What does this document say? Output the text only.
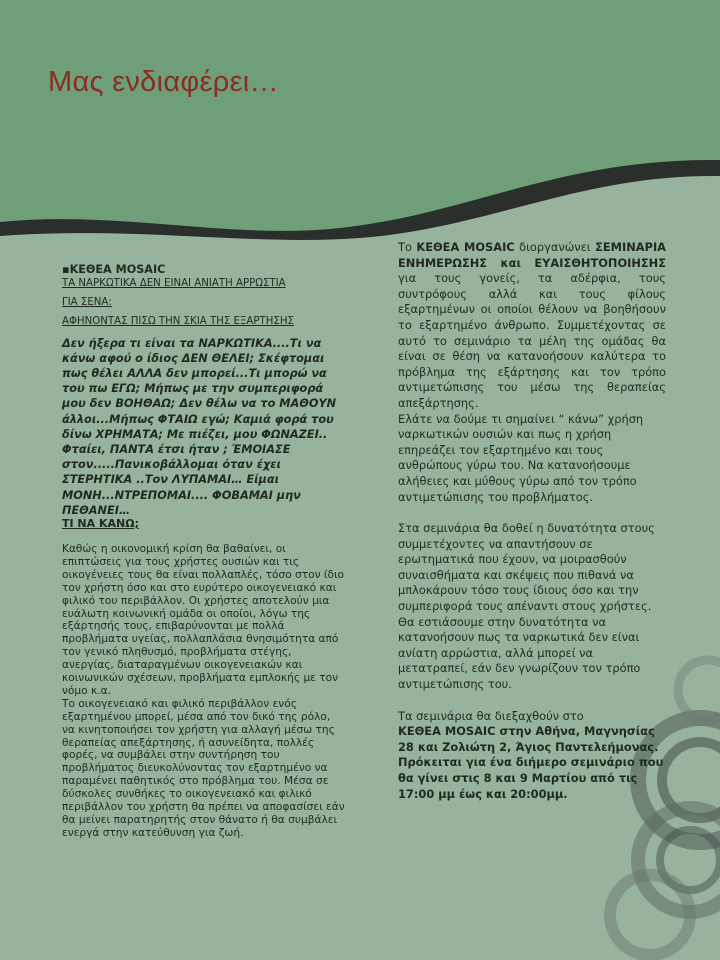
Μας ενδιαφέρει…
▪ΚΕΘΕΑ MOSAIC
ΤΑ ΝΑΡΚΩΤΙΚΑ ΔΕΝ ΕΙΝΑΙ ΑΝΙΑΤΗ ΑΡΡΩΣΤΙΑ
ΓΙΑ ΣΕΝΑ:
ΑΦΗΝΟΝΤΑΣ ΠΙΣΩ ΤΗΝ ΣΚΙΑ ΤΗΣ ΕΞΑΡΤΗΣΗΣ
Δεν ήξερα τι είναι τα ΝΑΡΚΩΤΙΚΑ....Τι να κάνω αφού ο ίδιος ΔΕΝ ΘΕΛΕΙ; Σκέφτομαι πως θέλει ΑΛΛΑ δεν μπορεί...Τι μπορώ να του πω ΕΓΩ; Μήπως με την συμπεριφορά μου δεν ΒΟΗΘΑΩ; Δεν θέλω να το ΜΑΘΟΥΝ άλλοι...Μήπως ΦΤΑΙΩ εγώ; Καμιά φορά του δίνω ΧΡΗΜΑΤΑ; Με πιέζει, μου ΦΩΝΑΖΕΙ.. Φταίει, ΠΑΝΤΑ έτσι ήταν ; ΈΜΟΙΑΣΕ στον.....Πανικοβάλλομαι όταν έχει ΣΤΕΡΗΤΙΚΑ ..Τον ΛΥΠΑΜΑΙ… Είμαι ΜΟΝΗ...ΝΤΡΕΠΟΜΑΙ.... ΦΟΒΑΜΑΙ μην ΠΕΘΑΝΕΙ…
ΤΙ ΝΑ ΚΑΝΩ;
Καθώς η οικονομική κρίση θα βαθαίνει, οι επιπτώσεις για τους χρήστες ουσιών και τις οικογένειες τους θα είναι πολλαπλές, τόσο στον ίδιο τον χρήστη όσο και στο ευρύτερο οικογενειακό και φιλικό του περιβάλλον. Οι χρήστες αποτελούν μια ευάλωτη κοινωνική ομάδα οι οποίοι, λόγω της εξάρτησής τους, επιβαρύνονται με πολλά προβλήματα υγείας, πολλαπλάσια θνησιμότητα από τον γενικό πληθυσμό, προβλήματα στέγης, ανεργίας, διαταραγμένων οικογενειακών και κοινωνικών σχέσεων, προβλήματα εμπλοκής με τον νόμο κ.α.
Το οικογενειακό και φιλικό περιβάλλον ενός εξαρτημένου μπορεί, μέσα από τον δικό της ρόλο, να κινητοποιήσει τον χρήστη για αλλαγή μέσω της θεραπείας απεξάρτησης, ή ασυνείδητα, πολλές φορές, να συμβάλει στην συντήρηση του προβλήματος διευκολύνοντας τον εξαρτημένο να παραμένει παθητικός στο πρόβλημα του. Μέσα σε δύσκολες συνθήκες το οικογενειακό και φιλικό περιβάλλον του χρήστη θα πρέπει να αποφασίσει εάν θα μείνει παρατηρητής στον θάνατο ή θα συμβάλει ενεργά στην κατεύθυνση για ζωή.

Το ΚΕΘΕΑ MOSAIC διοργανώνει ΣΕΜΙΝΑΡΙΑ ΕΝΗΜΕΡΩΣΗΣ και ΕΥΑΙΣΘΗΤΟΠΟΙΗΣΗΣ για τους γονείς, τα αδέρφια, τους συντρόφους αλλά και τους φίλους εξαρτημένων οι οποίοι θέλουν να βοηθήσουν το εξαρτημένο άνθρωπο. Συμμετέχοντας σε αυτό το σεμινάριο τα μέλη της ομάδας θα είναι σε θέση να κατανοήσουν καλύτερα το πρόβλημα της εξάρτησης και τον τρόπο αντιμετώπισης του μέσω της θεραπείας απεξάρτησης.

Ελάτε να δούμε τι σημαίνει “ κάνω” χρήση ναρκωτικών ουσιών και πως η χρήση επηρεάζει τον εξαρτημένο και τους ανθρώπους γύρω του. Να κατανοήσουμε αλήθειες και μύθους γύρω από τον τρόπο αντιμετώπισης του προβλήματος.

Στα σεμινάρια θα δοθεί η δυνατότητα στους συμμετέχοντες να απαντήσουν σε ερωτηματικά που έχουν, να μοιρασθούν συναισθήματα και σκέψεις που πιθανά να μπλοκάρουν τόσο τους ίδιους όσο και την συμπεριφορά τους απέναντι στους χρήστες. Θα εστιάσουμε στην δυνατότητα να κατανοήσουν πως τα ναρκωτικά δεν είναι ανίατη αρρώστια, αλλά μπορεί να μετατραπεί, εάν δεν γνωρίζουν τον τρόπο αντιμετώπισης του.

Τα σεμινάρια θα διεξαχθούν στο
ΚΕΘΕΑ MOSAIC στην Αθήνα, Μαγνησίας 28 και Ζολιώτη 2, Άγιος Παντελεήμονας. Πρόκειται για ένα διήμερο σεμινάριο που θα γίνει στις 8 και 9 Μαρτίου από τις 17:00 μμ έως και 20:00μμ.
